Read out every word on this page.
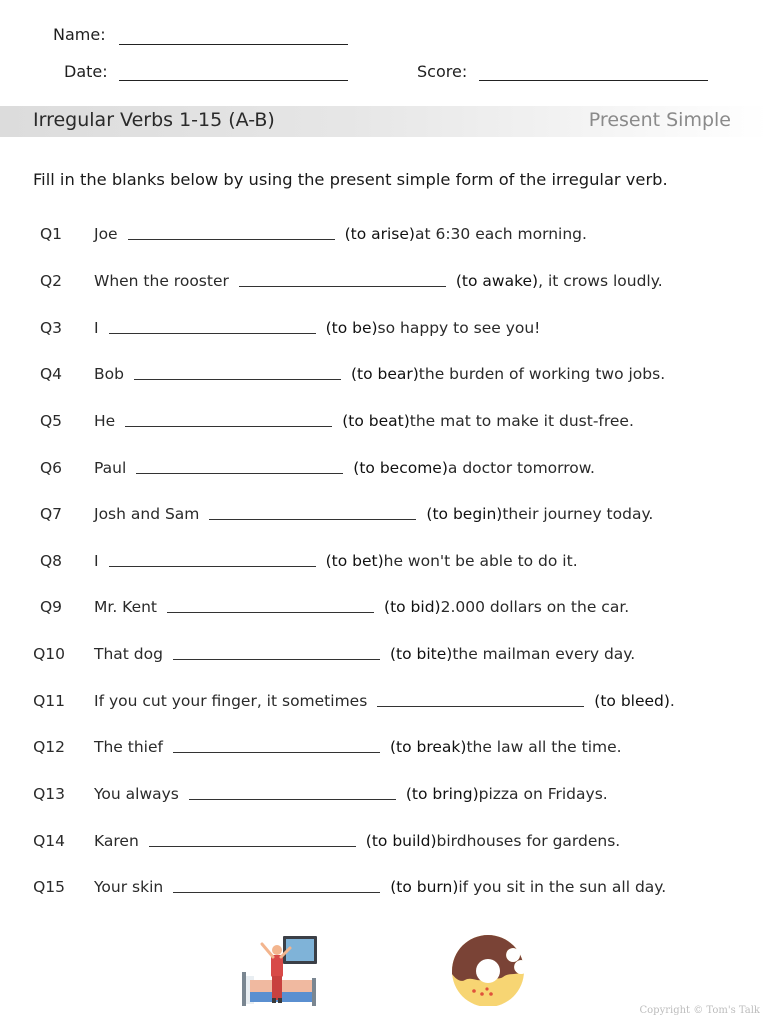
Name:
Date:	Score:
Irregular Verbs 1-15 (A-B)	Present Simple
Fill in the blanks below by using the present simple form of the irregular verb.
Q1 Joe	(to arise) at 6:30 each morning.
Q2 When the rooster	(to awake) , it crows loudly.
Q3 I	(to be) so happy to see you!
Q4 Bob	(to bear) the burden of working two jobs.
Q5 He	(to beat) the mat to make it dust-free.
Q6 Paul	(to become) a doctor tomorrow.
Q7 Josh and Sam	(to begin) their journey today.
Q8 I	(to bet) he won't be able to do it.
Q9 Mr. Kent	(to bid) 2.000 dollars on the car.
Q10 That dog	(to bite) the mailman every day.
Q11 If you cut your finger, it sometimes	(to bleed) .
Q12 The thief	(to break) the law all the time.
Q13 You always	(to bring) pizza on Fridays.
Q14 Karen	(to build) birdhouses for gardens.
Q15 Your skin	(to burn) if you sit in the sun all day.
Copyright © Tom's Talk
